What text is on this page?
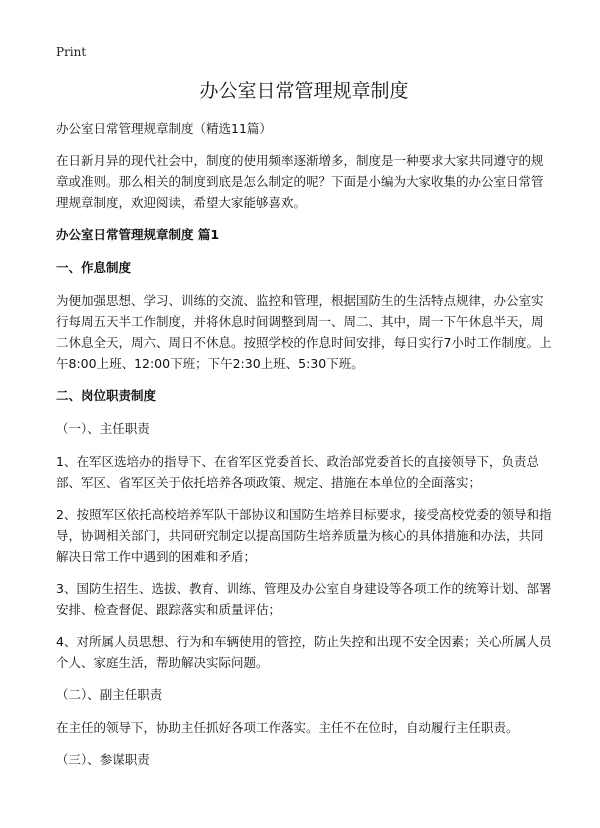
Print
办公室日常管理规章制度

办公室日常管理规章制度（精选11篇）

在日新月异的现代社会中，制度的使用频率逐渐增多，制度是一种要求大家共同遵守的规章或准则。那么相关的制度到底是怎么制定的呢？下面是小编为大家收集的办公室日常管理规章制度，欢迎阅读，希望大家能够喜欢。

办公室日常管理规章制度 篇1

一、作息制度

为便加强思想、学习、训练的交流、监控和管理，根据国防生的生活特点规律，办公室实行每周五天半工作制度，并将休息时间调整到周一、周二、其中，周一下午休息半天，周二休息全天，周六、周日不休息。按照学校的作息时间安排，每日实行7小时工作制度。上午8:00上班、12:00下班；下午2:30上班、5:30下班。

二、岗位职责制度

（一）、主任职责

1、在军区选培办的指导下、在省军区党委首长、政治部党委首长的直接领导下，负责总部、军区、省军区关于依托培养各项政策、规定、措施在本单位的全面落实；

2、按照军区依托高校培养军队干部协议和国防生培养目标要求，接受高校党委的领导和指导，协调相关部门，共同研究制定以提高国防生培养质量为核心的具体措施和办法，共同解决日常工作中遇到的困难和矛盾；

3、国防生招生、选拔、教育、训练、管理及办公室自身建设等各项工作的统筹计划、部署安排、检查督促、跟踪落实和质量评估；

4、对所属人员思想、行为和车辆使用的管控，防止失控和出现不安全因素；关心所属人员个人、家庭生活，帮助解决实际问题。

（二）、副主任职责

在主任的领导下，协助主任抓好各项工作落实。主任不在位时，自动履行主任职责。

（三）、参谋职责
